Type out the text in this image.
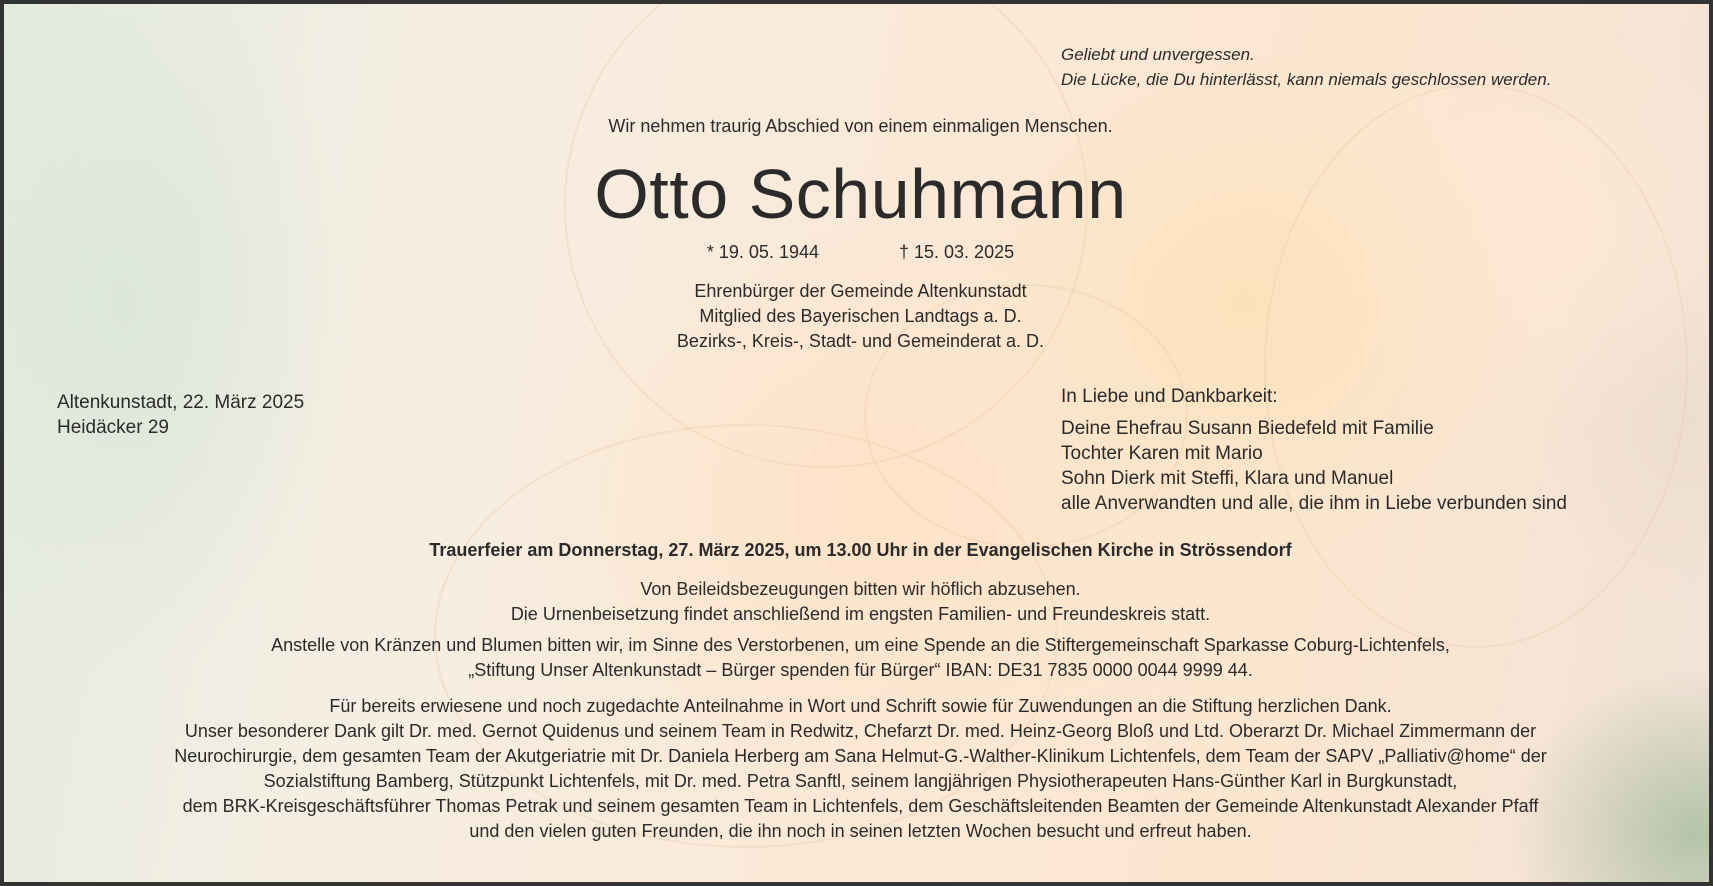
Geliebt und unvergessen.
Die Lücke, die Du hinterlässt, kann niemals geschlossen werden.
Wir nehmen traurig Abschied von einem einmaligen Menschen.
Otto Schuhmann
* 19. 05. 1944	† 15. 03. 2025
Ehrenbürger der Gemeinde Altenkunstadt
Mitglied des Bayerischen Landtags a. D.
Bezirks-, Kreis-, Stadt- und Gemeinderat a. D.
Altenkunstadt, 22. März 2025
Heidäcker 29
In Liebe und Dankbarkeit:
Deine Ehefrau Susann Biedefeld mit Familie
Tochter Karen mit Mario
Sohn Dierk mit Steffi, Klara und Manuel
alle Anverwandten und alle, die ihm in Liebe verbunden sind
Trauerfeier am Donnerstag, 27. März 2025, um 13.00 Uhr in der Evangelischen Kirche in Strössendorf
Von Beileidsbezeugungen bitten wir höflich abzusehen.
Die Urnenbeisetzung findet anschließend im engsten Familien- und Freundeskreis statt.
Anstelle von Kränzen und Blumen bitten wir, im Sinne des Verstorbenen, um eine Spende an die Stiftergemeinschaft Sparkasse Coburg-Lichtenfels,
„Stiftung Unser Altenkunstadt – Bürger spenden für Bürger“ IBAN: DE31 7835 0000 0044 9999 44.
Für bereits erwiesene und noch zugedachte Anteilnahme in Wort und Schrift sowie für Zuwendungen an die Stiftung herzlichen Dank.
Unser besonderer Dank gilt Dr. med. Gernot Quidenus und seinem Team in Redwitz, Chefarzt Dr. med. Heinz-Georg Bloß und Ltd. Oberarzt Dr. Michael Zimmermann der
Neurochirurgie, dem gesamten Team der Akutgeriatrie mit Dr. Daniela Herberg am Sana Helmut-G.-Walther-Klinikum Lichtenfels, dem Team der SAPV „Palliativ@home“ der
Sozialstiftung Bamberg, Stützpunkt Lichtenfels, mit Dr. med. Petra Sanftl, seinem langjährigen Physiotherapeuten Hans-Günther Karl in Burgkunstadt,
dem BRK-Kreisgeschäftsführer Thomas Petrak und seinem gesamten Team in Lichtenfels, dem Geschäftsleitenden Beamten der Gemeinde Altenkunstadt Alexander Pfaff
und den vielen guten Freunden, die ihn noch in seinen letzten Wochen besucht und erfreut haben.
